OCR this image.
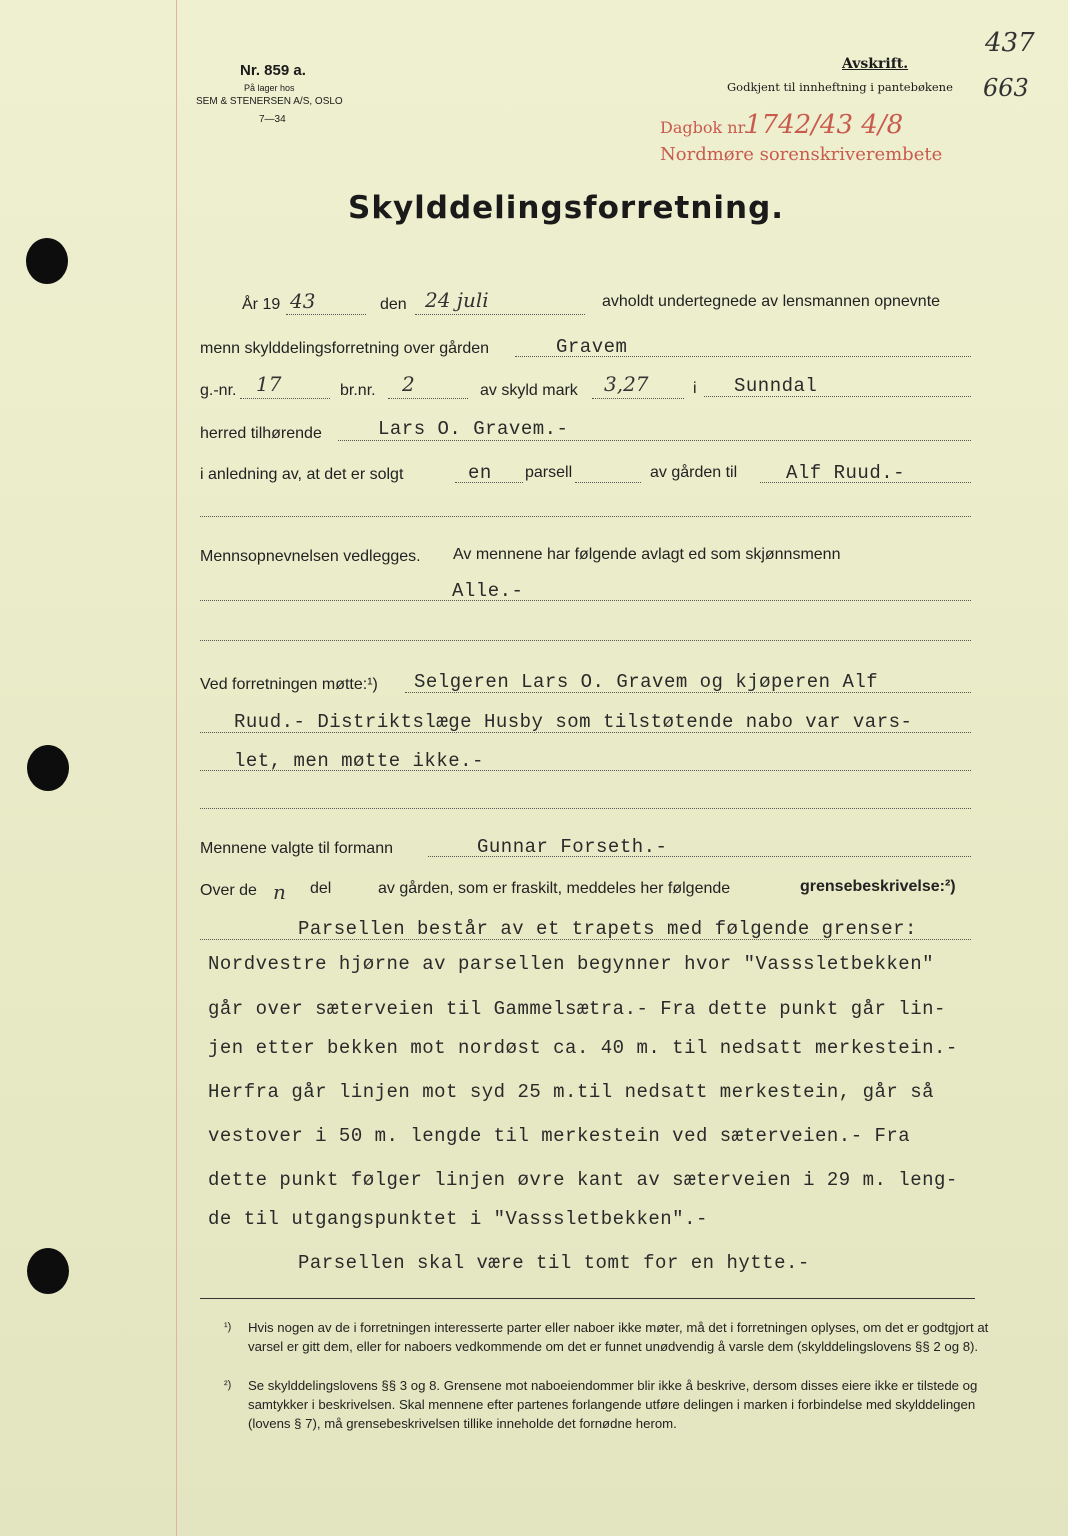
Nr. 859 a.
På lager hos
SEM & STENERSEN A/S, OSLO
7—34
Avskrift.
Godkjent til innheftning i pantebøkene
437
663
Dagbok nr.
1742/43 4/8
Nordmøre sorenskriverembete
Skylddelingsforretning.
År 19 43	den 24 juli	avholdt undertegnede av lensmannen opnevnte
menn skylddelingsforretning over gården	Gravem
g.-nr. 17	br.nr. 2	av skyld mark 3,27	i Sunndal
herred tilhørende	Lars O. Gravem.-
i anledning av, at det er solgt	en parsell	av gården til	Alf Ruud.-
Mennsopnevnelsen vedlegges. Av mennene har følgende avlagt ed som skjønnsmenn
Alle.-
Ved forretningen møtte:¹) Selgeren Lars O. Gravem og kjøperen Alf
Ruud.- Distriktslæge Husby som tilstøtende nabo var vars-
let, men møtte ikke.-
Mennene valgte til formann	Gunnar Forseth.-
Over de n del	av gården, som er fraskilt, meddeles her følgende	grensebeskrivelse:²)
Parsellen består av et trapets med følgende grenser:
Nordvestre hjørne av parsellen begynner hvor "Vasssletbekken"
går over sæterveien til Gammelsætra.- Fra dette punkt går lin-
jen etter bekken mot nordøst ca. 40 m. til nedsatt merkestein.-
Herfra går linjen mot syd 25 m.til nedsatt merkestein, går så
vestover i 50 m. lengde til merkestein ved sæterveien.- Fra
dette punkt følger linjen øvre kant av sæterveien i 29 m. leng-
de til utgangspunktet i "Vasssletbekken".-
Parsellen skal være til tomt for en hytte.-
¹) Hvis nogen av de i forretningen interesserte parter eller naboer ikke møter, må det i forretningen oplyses, om det er godtgjort at varsel er gitt dem, eller for naboers vedkommende om det er funnet unødvendig å varsle dem (skylddelingslovens §§ 2 og 8).
²) Se skylddelingslovens §§ 3 og 8. Grensene mot naboeiendommer blir ikke å beskrive, dersom disses eiere ikke er tilstede og samtykker i beskrivelsen. Skal mennene efter partenes forlangende utføre delingen i marken i forbindelse med skylddelingen (lovens § 7), må grensebeskrivelsen tillike inneholde det fornødne herom.
